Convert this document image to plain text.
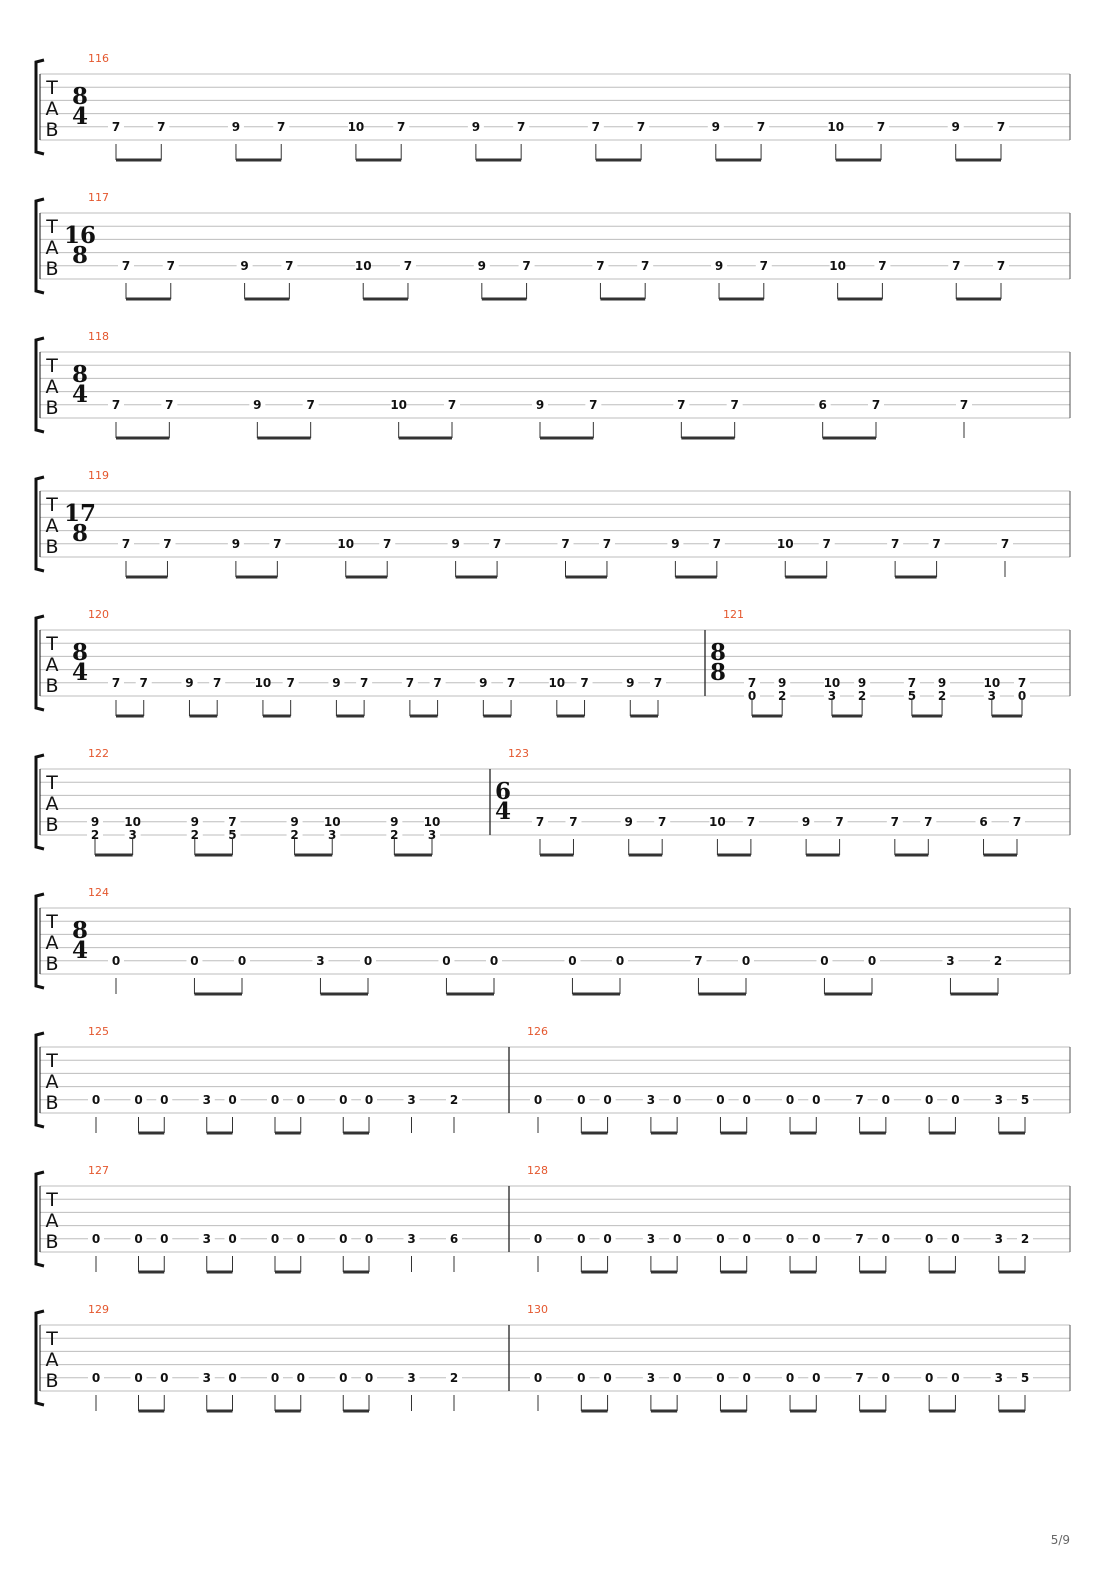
T
A
B
116
8
4 7	7	9	7	10	7	9	7	7	7	9	7	10	7	9	7
T
A
B
117
16
8	7	7	9	7	10	7	9	7	7	7	9	7	10	7	7	7
T
A
B
118
8
4 7	7	9	7	10	7	9	7	7	7	6	7	7
T
A
B
119
17
8	7	7	9	7	10 7	9	7	7	7	9	7	10 7	7	7	7
T
A
B
120
8
4 7 7	9 7	10 7	9 7	7 7	9 7	10 7	9 7
121
8
8 7
0
9
2
10
3
9
2
7
5
9
2
10
3
7
0
T
A
B
122
9
2
10
3
9
2
7
5
9
2
10
3
9
2
10
3
123
6
4 7 7	9 7	10 7	9 7	7 7	6 7
T
A
B
124
8
4 0	0	0	3	0	0	0	0	0	7	0	0	0	3	2
T
A
B
125
0	0 0	3 0	0 0	0 0	3	2
126
0	0 0	3 0	0 0	0 0	7 0	0 0	3 5
T
A
B
127
0	0 0	3 0	0 0	0 0	3	6
128
0	0 0	3 0	0 0	0 0	7 0	0 0	3 2
T
A
B
129
0	0 0	3 0	0 0	0 0	3	2
130
0	0 0	3 0	0 0	0 0	7 0	0 0	3 5
5/9
